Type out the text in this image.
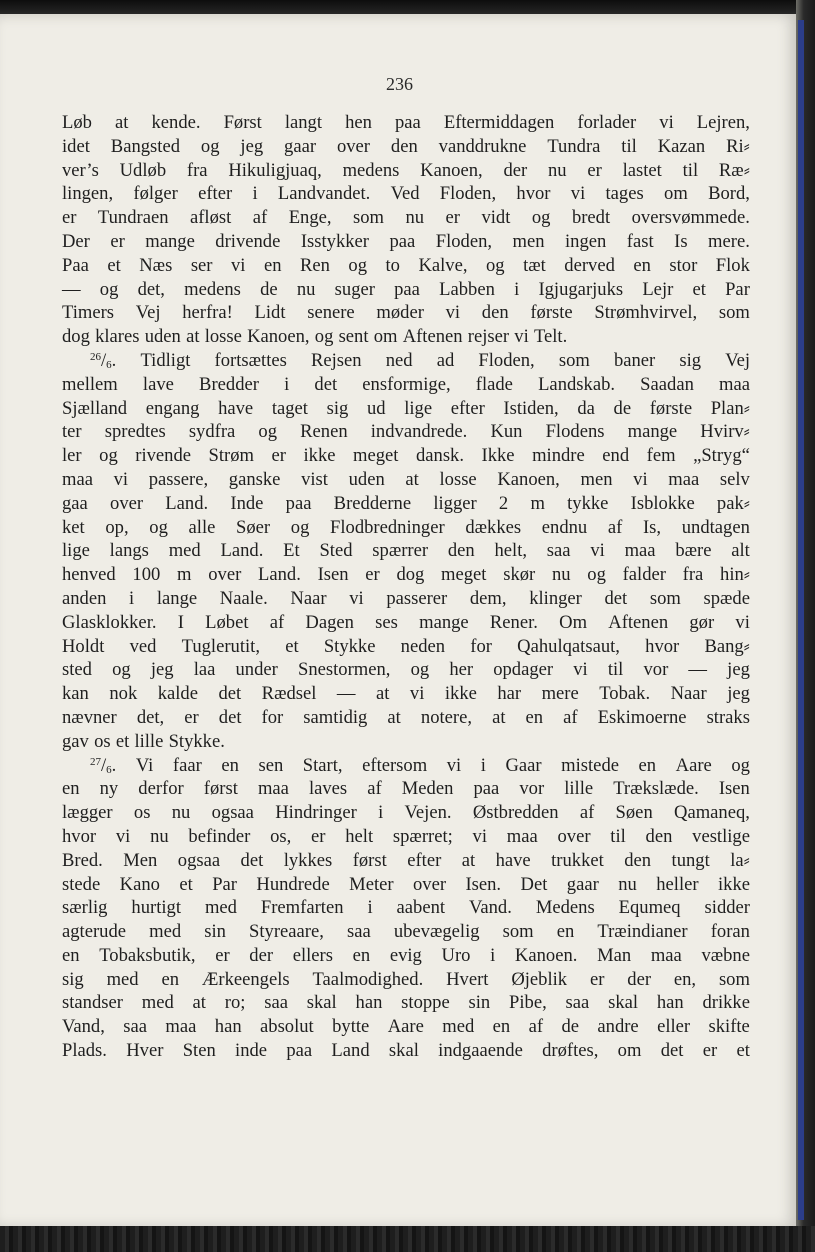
236
Løb at kende. Først langt hen paa Eftermiddagen forlader vi Lejren,
idet Bangsted og jeg gaar over den vanddrukne Tundra til Kazan Ri⸗
ver’s Udløb fra Hikuligjuaq, medens Kanoen, der nu er lastet til Ræ⸗
lingen, følger efter i Landvandet. Ved Floden, hvor vi tages om Bord,
er Tundraen afløst af Enge, som nu er vidt og bredt oversvømmede.
Der er mange drivende Isstykker paa Floden, men ingen fast Is mere.
Paa et Næs ser vi en Ren og to Kalve, og tæt derved en stor Flok
— og det, medens de nu suger paa Labben i Igjugarjuks Lejr et Par
Timers Vej herfra! Lidt senere møder vi den første Strømhvirvel, som
dog klares uden at losse Kanoen, og sent om Aftenen rejser vi Telt.
$^{26}/_6$. Tidligt fortsættes Rejsen ned ad Floden, som baner sig Vej
mellem lave Bredder i det ensformige, flade Landskab. Saadan maa
Sjælland engang have taget sig ud lige efter Istiden, da de første Plan⸗
ter spredtes sydfra og Renen indvandrede. Kun Flodens mange Hvirv⸗
ler og rivende Strøm er ikke meget dansk. Ikke mindre end fem „Stryg“
maa vi passere, ganske vist uden at losse Kanoen, men vi maa selv
gaa over Land. Inde paa Bredderne ligger 2 m tykke Isblokke pak⸗
ket op, og alle Søer og Flodbredninger dækkes endnu af Is, undtagen
lige langs med Land. Et Sted spærrer den helt, saa vi maa bære alt
henved 100 m over Land. Isen er dog meget skør nu og falder fra hin⸗
anden i lange Naale. Naar vi passerer dem, klinger det som spæde
Glasklokker. I Løbet af Dagen ses mange Rener. Om Aftenen gør vi
Holdt ved Tuglerutit, et Stykke neden for Qahulqatsaut, hvor Bang⸗
sted og jeg laa under Snestormen, og her opdager vi til vor — jeg
kan nok kalde det Rædsel — at vi ikke har mere Tobak. Naar jeg
nævner det, er det for samtidig at notere, at en af Eskimoerne straks
gav os et lille Stykke.
$^{27}/_6$. Vi faar en sen Start, eftersom vi i Gaar mistede en Aare og
en ny derfor først maa laves af Meden paa vor lille Trækslæde. Isen
lægger os nu ogsaa Hindringer i Vejen. Østbredden af Søen Qamaneq,
hvor vi nu befinder os, er helt spærret; vi maa over til den vestlige
Bred. Men ogsaa det lykkes først efter at have trukket den tungt la⸗
stede Kano et Par Hundrede Meter over Isen. Det gaar nu heller ikke
særlig hurtigt med Fremfarten i aabent Vand. Medens Equmeq sidder
agterude med sin Styreaare, saa ubevægelig som en Træindianer foran
en Tobaksbutik, er der ellers en evig Uro i Kanoen. Man maa væbne
sig med en Ærkeengels Taalmodighed. Hvert Øjeblik er der en, som
standser med at ro; saa skal han stoppe sin Pibe, saa skal han drikke
Vand, saa maa han absolut bytte Aare med en af de andre eller skifte
Plads. Hver Sten inde paa Land skal indgaaende drøftes, om det er et
